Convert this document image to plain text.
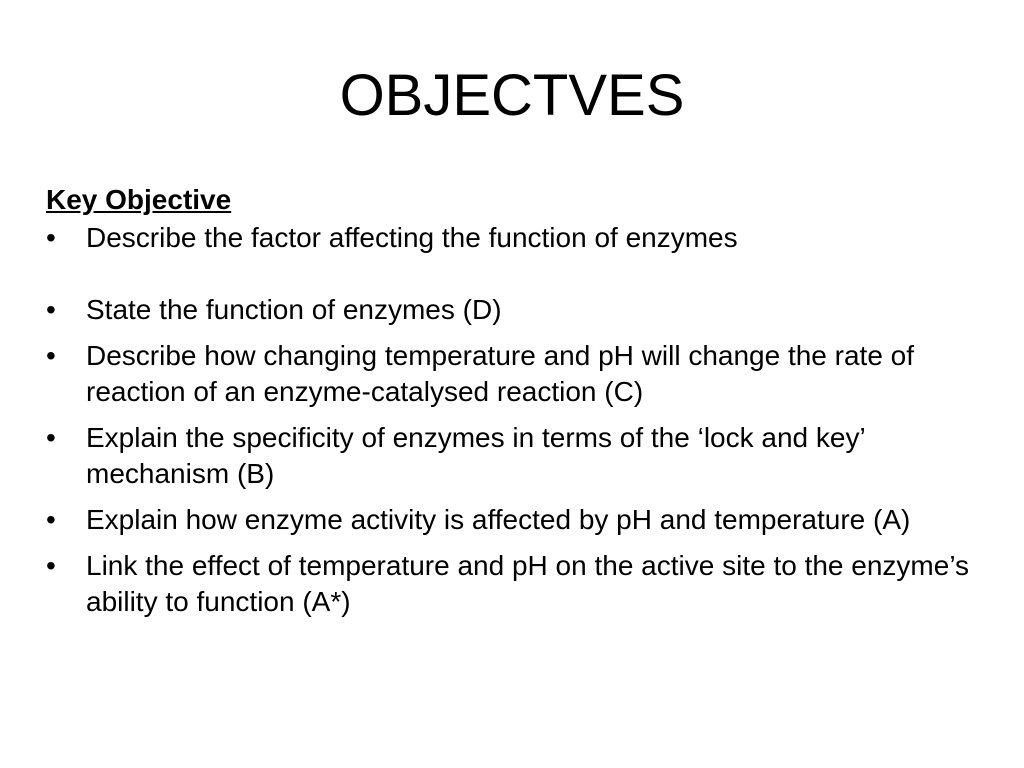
OBJECTVES
Key Objective
•	Describe the factor affecting the function of enzymes
•	State the function of enzymes (D)
•	Describe how changing temperature and pH will change the rate of reaction of an enzyme-catalysed reaction (C)
•	Explain the specificity of enzymes in terms of the ‘lock and key’ mechanism (B)
•	Explain how enzyme activity is affected by pH and temperature (A)
•	Link the effect of temperature and pH on the active site to the enzyme’s ability to function (A*)
